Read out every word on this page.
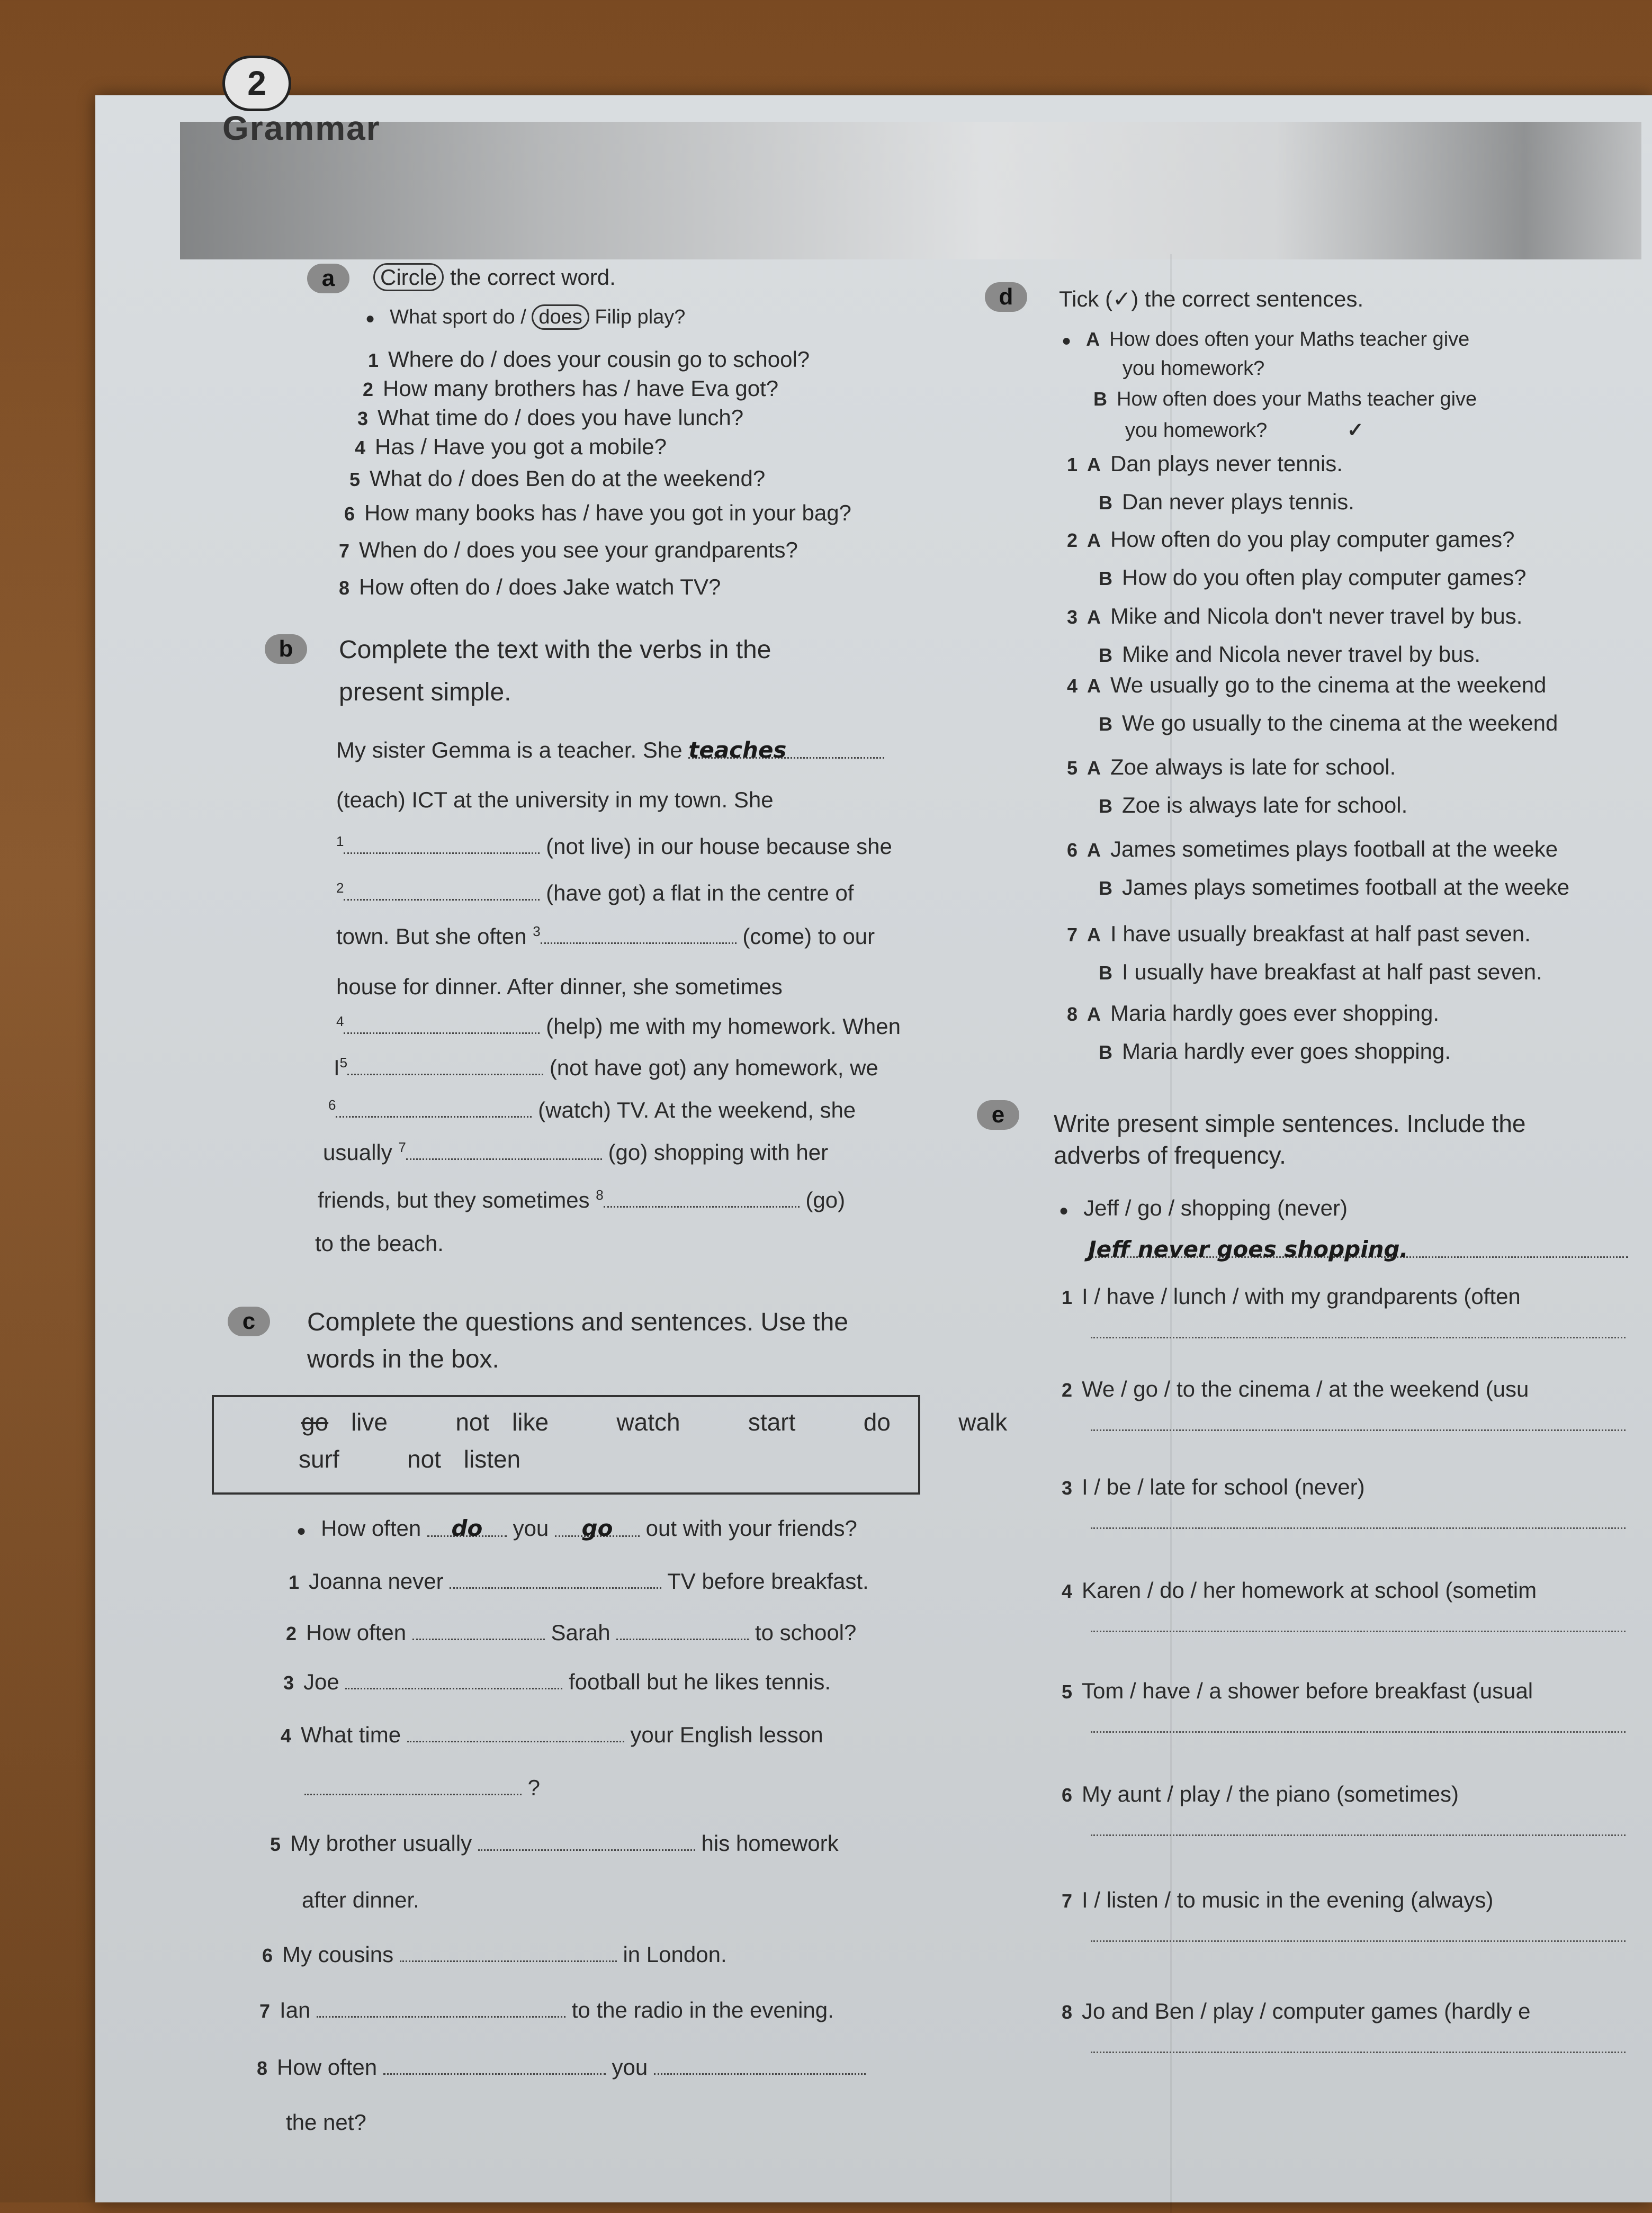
2
Grammar
a	Circle the correct word.
● What sport do / does Filip play?
1 Where do / does your cousin go to school?
2 How many brothers has / have Eva got?
3 What time do / does you have lunch?
4 Has / Have you got a mobile?
5 What do / does Ben do at the weekend?
6 How many books has / have you got in your bag?
7 When do / does you see your grandparents?
8 How often do / does Jake watch TV?
b	Complete the text with the verbs in the
present simple.
My sister Gemma is a teacher. She teaches
(teach) ICT at the university in my town. She
$^1$	(not live) in our house because she
$^2$	(have got) a flat in the centre of
town. But she often $^3$	(come) to our
house for dinner. After dinner, she sometimes
$^4$	(help) me with my homework. When
$I^5$	(not have got) any homework, we
$^6$	(watch) TV. At the weekend, she
usually $^7$	(go) shopping with her
friends, but they sometimes $^8$	(go)
to the beach.
c	Complete the questions and sentences. Use the
words in the box.
go live   not like   watch   start   do   walk
surf   not listen
● How often do you go out with your friends?
1 Joanna never	TV before breakfast.
2 How often	Sarah	to school?
3 Joe	football but he likes tennis.
4 What time	your English lesson
?
5 My brother usually	his homework
after dinner.
6 My cousins	in London.
7 Ian	to the radio in the evening.
8 How often	you
the net?
d	Tick (✓) the correct sentences.
● A How does often your Maths teacher give
you homework?
B How often does your Maths teacher give
you homework?	✓
1 A Dan plays never tennis.
B Dan never plays tennis.
2 A How often do you play computer games?
B How do you often play computer games?
3 A Mike and Nicola don't never travel by bus.
B Mike and Nicola never travel by bus.
4 A We usually go to the cinema at the weekend
B We go usually to the cinema at the weekend
5 A Zoe always is late for school.
B Zoe is always late for school.
6 A James sometimes plays football at the weeke
B James plays sometimes football at the weeke
7 A I have usually breakfast at half past seven.
B I usually have breakfast at half past seven.
8 A Maria hardly goes ever shopping.
B Maria hardly ever goes shopping.
e	Write present simple sentences. Include the
adverbs of frequency.
● Jeff / go / shopping (never)
Jeff never goes shopping.
1 I / have / lunch / with my grandparents (often
2 We / go / to the cinema / at the weekend (usu
3 I / be / late for school (never)
4 Karen / do / her homework at school (sometim
5 Tom / have / a shower before breakfast (usual
6 My aunt / play / the piano (sometimes)
7 I / listen / to music in the evening (always)
8 Jo and Ben / play / computer games (hardly e
